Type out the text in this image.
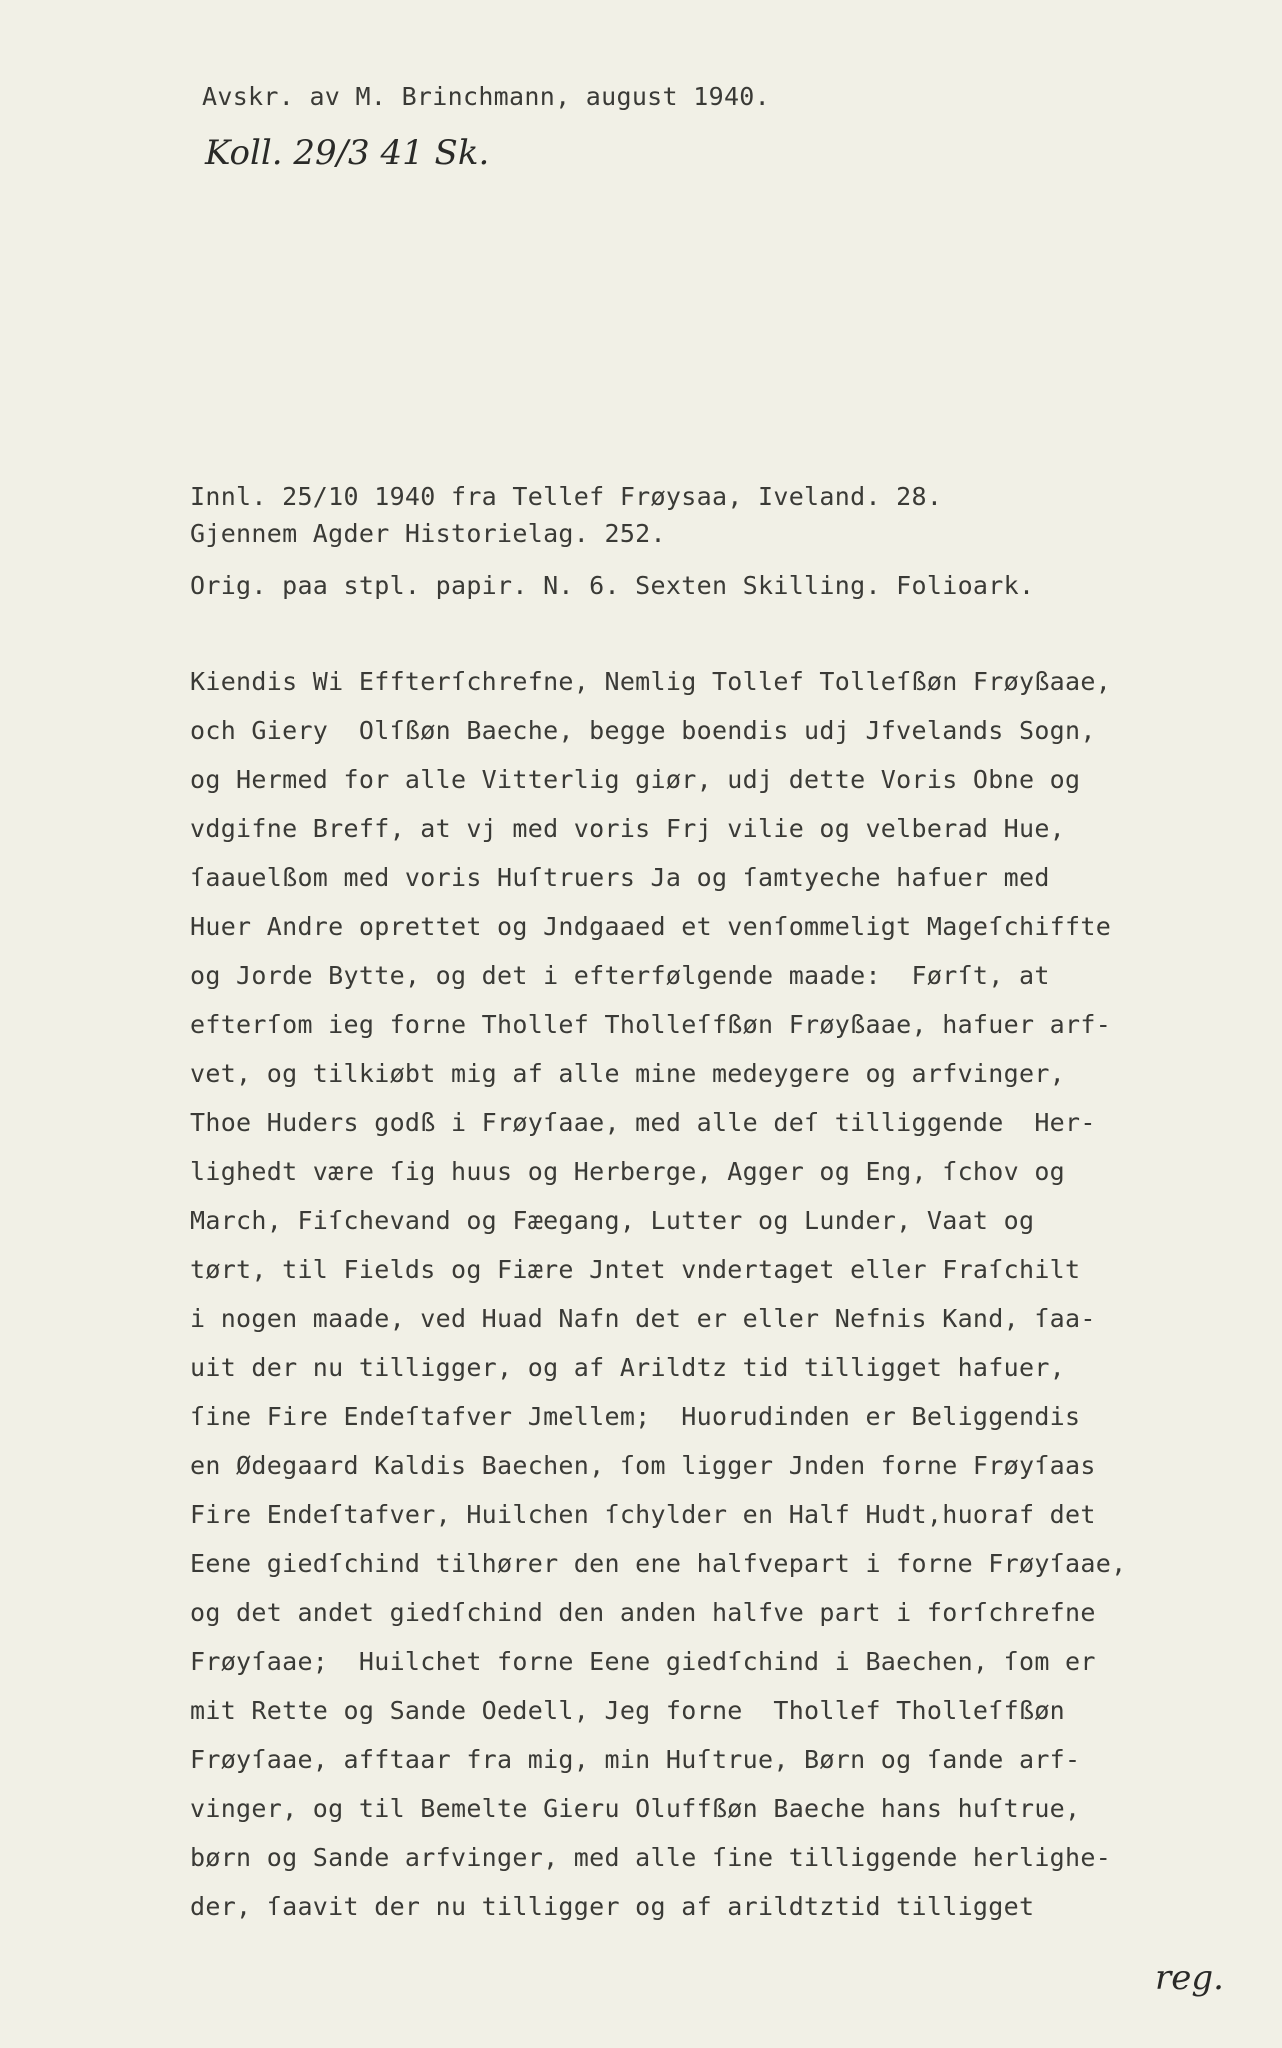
Avskr. av M. Brinchmann, august 1940.

Koll. 29/3 41 Sk.

Innl. 25/10 1940 fra Tellef Frøysaa, Iveland. 28.

Gjennem Agder Historielag. 252.

Orig. paa stpl. papir. N. 6. Sexten Skilling. Folioark.

Kiendis Wi Effterſchrefne, Nemlig Tollef Tolleſßøn Frøyßaae,

och Giery  Olſßøn Baeche, begge boendis udj Jfvelands Sogn,

og Hermed for alle Vitterlig giør, udj dette Voris Obne og

vdgifne Breff, at vj med voris Frj vilie og velberad Hue,

ſaauelßom med voris Huſtruers Ja og ſamtyeche hafuer med

Huer Andre oprettet og Jndgaaed et venſommeligt Mageſchiffte

og Jorde Bytte, og det i efterfølgende maade:  Førſt, at

efterſom ieg forne Thollef Tholleſfßøn Frøyßaae, hafuer arf-

vet, og tilkiøbt mig af alle mine medeygere og arfvinger,

Thoe Huders godß i Frøyſaae, med alle deſ tilliggende  Her-

lighedt være ſig huus og Herberge, Agger og Eng, ſchov og

March, Fiſchevand og Fæegang, Lutter og Lunder, Vaat og

tørt, til Fields og Fiære Jntet vndertaget eller Fraſchilt

i nogen maade, ved Huad Nafn det er eller Nefnis Kand, ſaa-

uit der nu tilligger, og af Arildtz tid tilligget hafuer,

ſine Fire Endeſtafver Jmellem;  Huorudinden er Beliggendis

en Ødegaard Kaldis Baechen, ſom ligger Jnden forne Frøyſaas

Fire Endeſtafver, Huilchen ſchylder en Half Hudt,huoraf det

Eene giedſchind tilhører den ene halfvepart i forne Frøyſaae,

og det andet giedſchind den anden halfve part i forſchrefne

Frøyſaae;  Huilchet forne Eene giedſchind i Baechen, ſom er

mit Rette og Sande Oedell, Jeg forne  Thollef Tholleſfßøn

Frøyſaae, afftaar fra mig, min Huſtrue, Børn og ſande arf-

vinger, og til Bemelte Gieru Oluffßøn Baeche hans huſtrue,

børn og Sande arfvinger, med alle ſine tilliggende herlighe-

der, ſaavit der nu tilligger og af arildtztid tilligget

reg.
